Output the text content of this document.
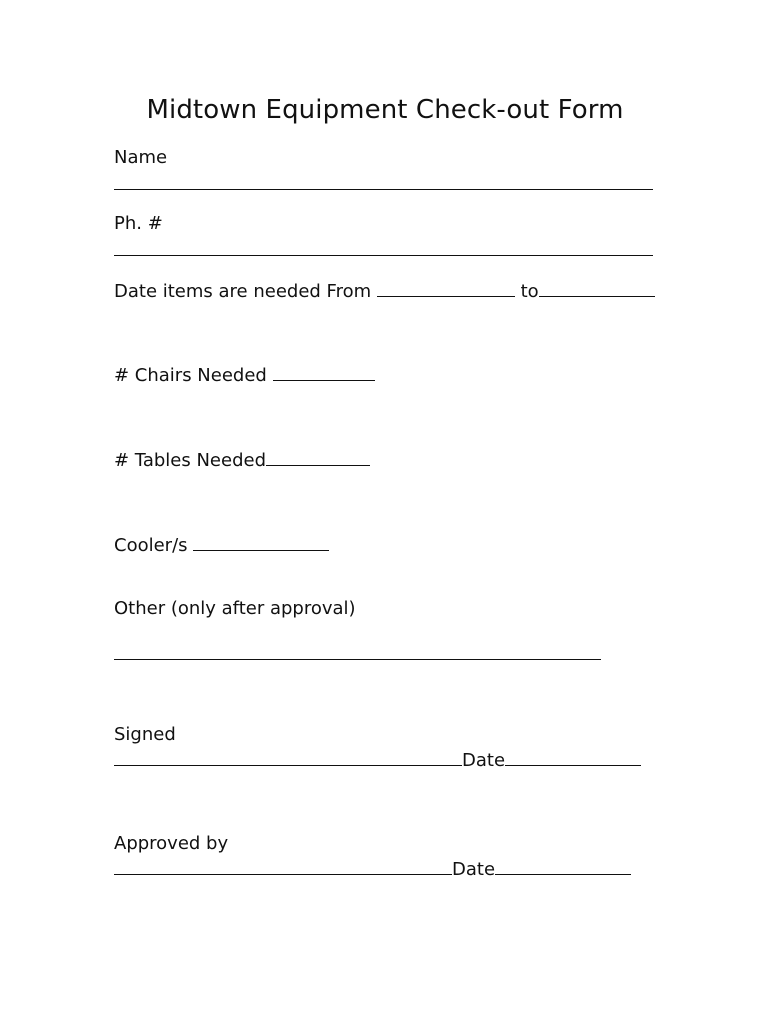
Midtown Equipment Check-out Form
Name
Ph. #
Date items are needed From	to
# Chairs Needed
# Tables Needed
Cooler/s
Other (only after approval)
Signed
Date
Approved by
Date
